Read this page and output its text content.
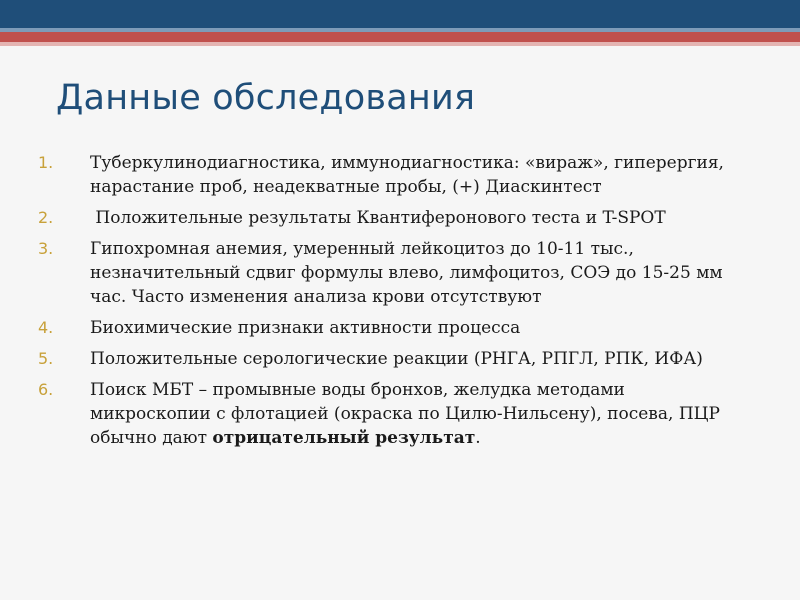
Данные обследования
1.	Туберкулинодиагностика, иммунодиагностика: «вираж», гиперергия, нарастание проб, неадекватные пробы, (+) Диаскинтест
2.	Положительные результаты Квантиферонового теста и T-SPOT
3.	Гипохромная анемия, умеренный лейкоцитоз до 10-11 тыс., незначительный сдвиг формулы влево, лимфоцитоз, СОЭ до 15-25 мм час. Часто изменения анализа крови отсутствуют
4.	Биохимические признаки активности процесса
5.	Положительные серологические реакции (РНГА, РПГЛ, РПК, ИФА)
6.	Поиск МБТ – промывные воды бронхов, желудка методами микроскопии с флотацией (окраска по Цилю-Нильсену), посева, ПЦР обычно дают отрицательный результат.
